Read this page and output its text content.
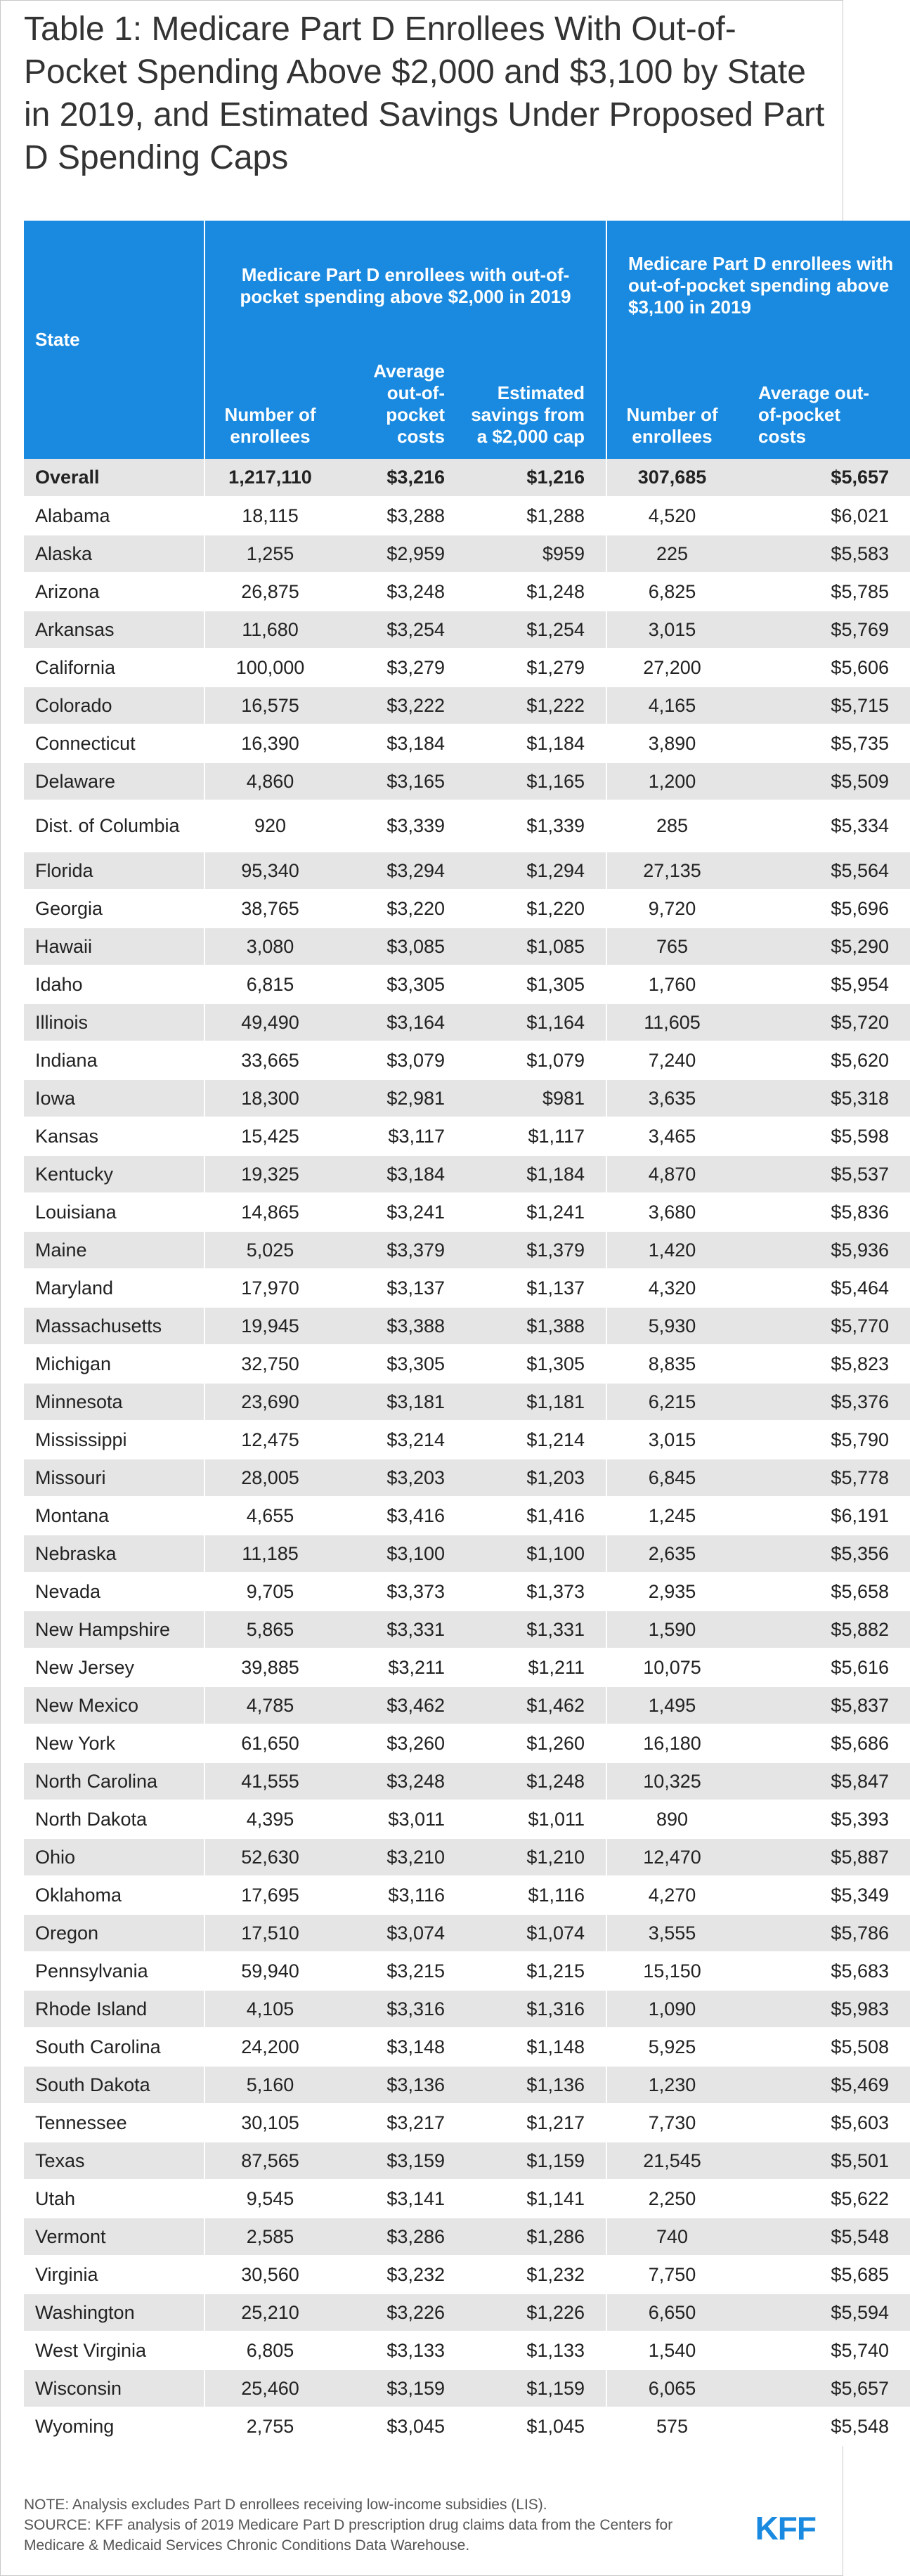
Table 1: Medicare Part D Enrollees With Out-of-Pocket Spending Above $2,000 and $3,100 by State in 2019, and Estimated Savings Under Proposed Part D Spending Caps
State	Medicare Part D enrollees with out-of-pocket spending above $2,000 in 2019			Medicare Part D enrollees with out-of-pocket spending above $3,100 in 2019	
	Number of enrollees	Average out-of-pocket costs	Estimated savings from a $2,000 cap	Number of enrollees	Average out-of-pocket costs
Overall	1,217,110	$3,216	$1,216	307,685	$5,657
Alabama	18,115	$3,288	$1,288	4,520	$6,021
Alaska	1,255	$2,959	$959	225	$5,583
Arizona	26,875	$3,248	$1,248	6,825	$5,785
Arkansas	11,680	$3,254	$1,254	3,015	$5,769
California	100,000	$3,279	$1,279	27,200	$5,606
Colorado	16,575	$3,222	$1,222	4,165	$5,715
Connecticut	16,390	$3,184	$1,184	3,890	$5,735
Delaware	4,860	$3,165	$1,165	1,200	$5,509
Dist. of Columbia	920	$3,339	$1,339	285	$5,334
Florida	95,340	$3,294	$1,294	27,135	$5,564
Georgia	38,765	$3,220	$1,220	9,720	$5,696
Hawaii	3,080	$3,085	$1,085	765	$5,290
Idaho	6,815	$3,305	$1,305	1,760	$5,954
Illinois	49,490	$3,164	$1,164	11,605	$5,720
Indiana	33,665	$3,079	$1,079	7,240	$5,620
Iowa	18,300	$2,981	$981	3,635	$5,318
Kansas	15,425	$3,117	$1,117	3,465	$5,598
Kentucky	19,325	$3,184	$1,184	4,870	$5,537
Louisiana	14,865	$3,241	$1,241	3,680	$5,836
Maine	5,025	$3,379	$1,379	1,420	$5,936
Maryland	17,970	$3,137	$1,137	4,320	$5,464
Massachusetts	19,945	$3,388	$1,388	5,930	$5,770
Michigan	32,750	$3,305	$1,305	8,835	$5,823
Minnesota	23,690	$3,181	$1,181	6,215	$5,376
Mississippi	12,475	$3,214	$1,214	3,015	$5,790
Missouri	28,005	$3,203	$1,203	6,845	$5,778
Montana	4,655	$3,416	$1,416	1,245	$6,191
Nebraska	11,185	$3,100	$1,100	2,635	$5,356
Nevada	9,705	$3,373	$1,373	2,935	$5,658
New Hampshire	5,865	$3,331	$1,331	1,590	$5,882
New Jersey	39,885	$3,211	$1,211	10,075	$5,616
New Mexico	4,785	$3,462	$1,462	1,495	$5,837
New York	61,650	$3,260	$1,260	16,180	$5,686
North Carolina	41,555	$3,248	$1,248	10,325	$5,847
North Dakota	4,395	$3,011	$1,011	890	$5,393
Ohio	52,630	$3,210	$1,210	12,470	$5,887
Oklahoma	17,695	$3,116	$1,116	4,270	$5,349
Oregon	17,510	$3,074	$1,074	3,555	$5,786
Pennsylvania	59,940	$3,215	$1,215	15,150	$5,683
Rhode Island	4,105	$3,316	$1,316	1,090	$5,983
South Carolina	24,200	$3,148	$1,148	5,925	$5,508
South Dakota	5,160	$3,136	$1,136	1,230	$5,469
Tennessee	30,105	$3,217	$1,217	7,730	$5,603
Texas	87,565	$3,159	$1,159	21,545	$5,501
Utah	9,545	$3,141	$1,141	2,250	$5,622
Vermont	2,585	$3,286	$1,286	740	$5,548
Virginia	30,560	$3,232	$1,232	7,750	$5,685
Washington	25,210	$3,226	$1,226	6,650	$5,594
West Virginia	6,805	$3,133	$1,133	1,540	$5,740
Wisconsin	25,460	$3,159	$1,159	6,065	$5,657
Wyoming	2,755	$3,045	$1,045	575	$5,548
NOTE: Analysis excludes Part D enrollees receiving low-income subsidies (LIS).
SOURCE: KFF analysis of 2019 Medicare Part D prescription drug claims data from the Centers for Medicare & Medicaid Services Chronic Conditions Data Warehouse.	KFF
